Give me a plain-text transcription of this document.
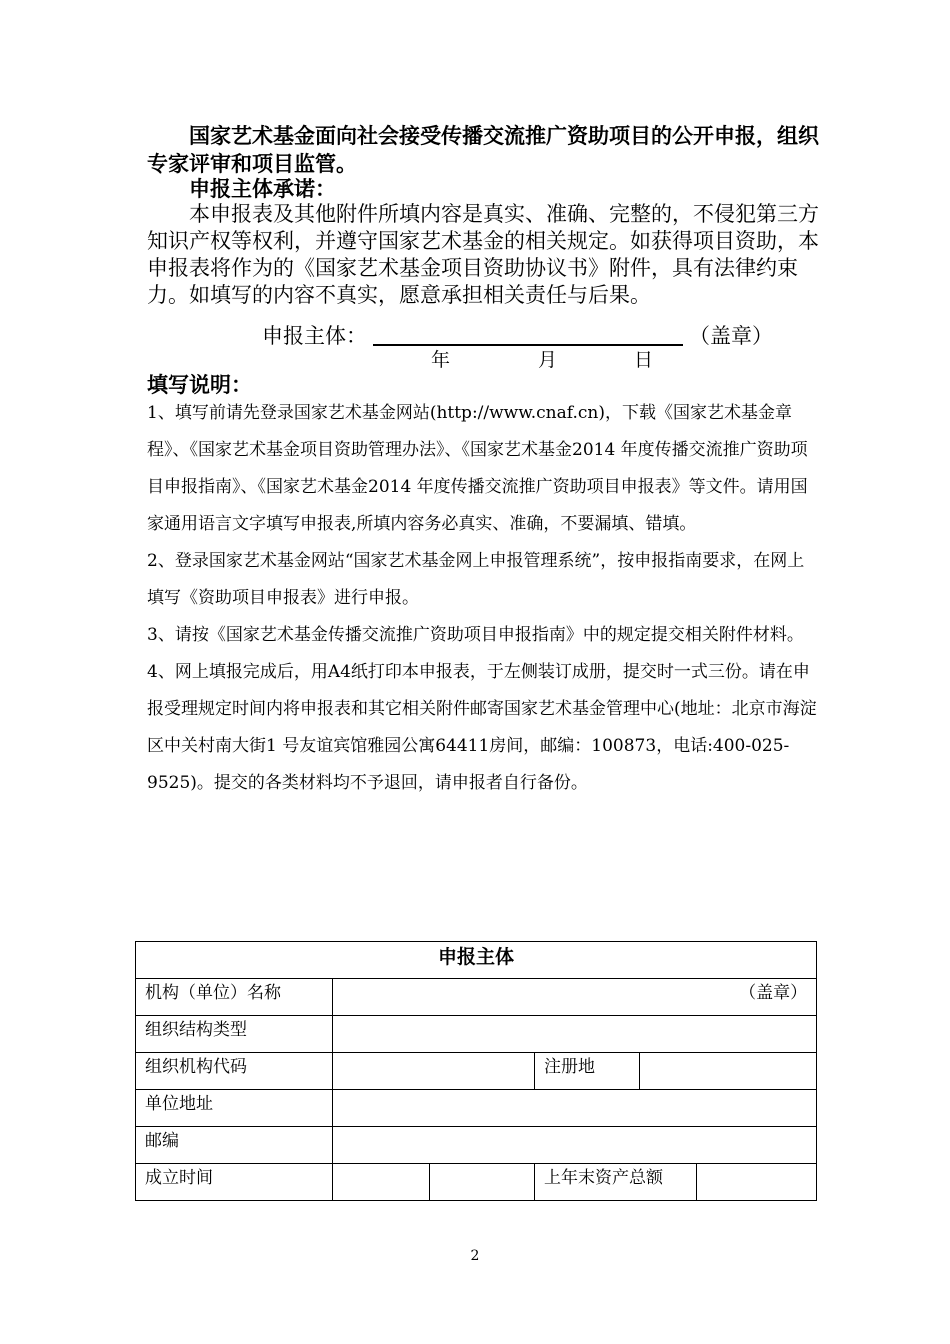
国家艺术基金面向社会接受传播交流推广资助项目的公开申报，组织专家评审和项目监管。
申报主体承诺：
本申报表及其他附件所填内容是真实、准确、完整的，不侵犯第三方知识产权等权利，并遵守国家艺术基金的相关规定。如获得项目资助，本申报表将作为的《国家艺术基金项目资助协议书》附件，具有法律约束力。如填写的内容不真实，愿意承担相关责任与后果。
申报主体：	（盖章）
年	月	日
填写说明：

1、填写前请先登录国家艺术基金网站(http://www.cnaf.cn)，下载《国家艺术基金章程》、《国家艺术基金项目资助管理办法》、《国家艺术基金2014 年度传播交流推广资助项目申报指南》、《国家艺术基金2014 年度传播交流推广资助项目申报表》等文件。请用国家通用语言文字填写申报表,所填内容务必真实、准确，不要漏填、错填。

2、登录国家艺术基金网站“国家艺术基金网上申报管理系统”，按申报指南要求，在网上填写《资助项目申报表》进行申报。

3、请按《国家艺术基金传播交流推广资助项目申报指南》中的规定提交相关附件材料。

4、网上填报完成后，用A4纸打印本申报表，于左侧装订成册，提交时一式三份。请在申报受理规定时间内将申报表和其它相关附件邮寄国家艺术基金管理中心(地址：北京市海淀区中关村南大街1 号友谊宾馆雅园公寓64411房间，邮编：100873，电话:400-025-9525)。提交的各类材料均不予退回，请申报者自行备份。

申报主体					
机构（单位）名称	（盖章）				

组织结构类型					
组织机构代码			注册地		
单位地址					
邮编					
成立时间			上年末资产总额		
2
